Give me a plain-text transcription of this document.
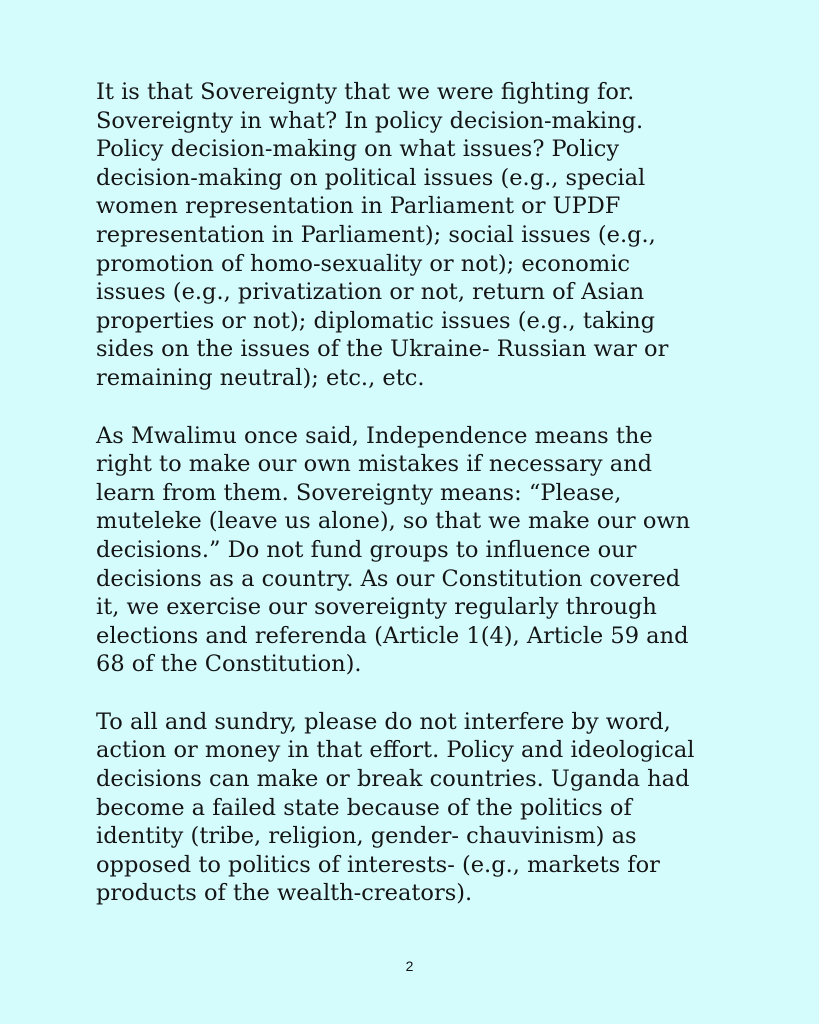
It is that Sovereignty that we were fighting for.
Sovereignty in what? In policy decision-making.
Policy decision-making on what issues? Policy
decision-making on political issues (e.g., special
women representation in Parliament or UPDF
representation in Parliament); social issues (e.g.,
promotion of homo-sexuality or not); economic
issues (e.g., privatization or not, return of Asian
properties or not); diplomatic issues (e.g., taking
sides on the issues of the Ukraine- Russian war or
remaining neutral); etc., etc.

As Mwalimu once said, Independence means the
right to make our own mistakes if necessary and
learn from them. Sovereignty means: “Please,
muteleke (leave us alone), so that we make our own
decisions.” Do not fund groups to influence our
decisions as a country. As our Constitution covered
it, we exercise our sovereignty regularly through
elections and referenda (Article 1(4), Article 59 and
68 of the Constitution).

To all and sundry, please do not interfere by word,
action or money in that effort. Policy and ideological
decisions can make or break countries. Uganda had
become a failed state because of the politics of
identity (tribe, religion, gender- chauvinism) as
opposed to politics of interests- (e.g., markets for
products of the wealth-creators).

2
